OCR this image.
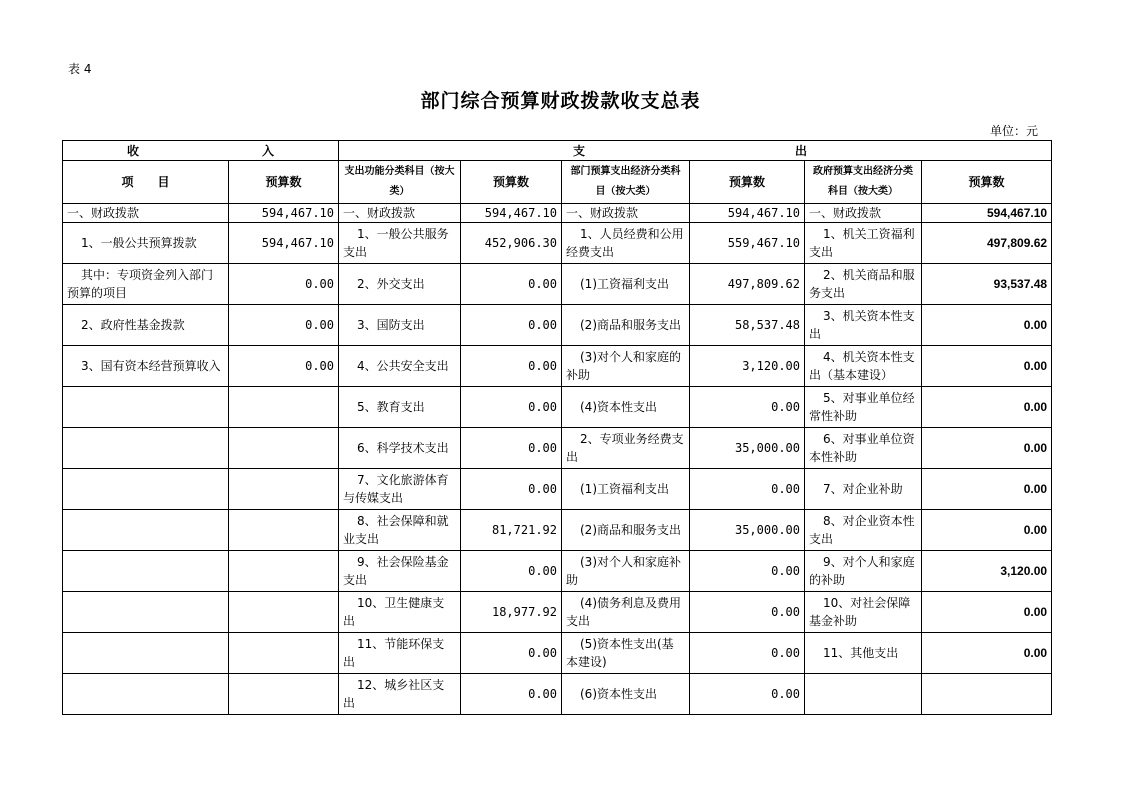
表 4
部门综合预算财政拨款收支总表
单位：元
收 入		支 出					

项　　目	预算数	支出功能分类科目（按大类）	预算数	部门预算支出经济分类科目（按大类）	预算数	政府预算支出经济分类科目（按大类）	预算数
一、财政拨款	594,467.10	一、财政拨款	594,467.10	一、财政拨款	594,467.10	一、财政拨款	594,467.10
1、一般公共预算拨款	594,467.10	1、一般公共服务支出	452,906.30	1、人员经费和公用经费支出	559,467.10	1、机关工资福利支出	497,809.62
其中：专项资金列入部门预算的项目	0.00	2、外交支出	0.00	(1)工资福利支出	497,809.62	2、机关商品和服务支出	93,537.48
2、政府性基金拨款	0.00	3、国防支出	0.00	(2)商品和服务支出	58,537.48	3、机关资本性支出	0.00
3、国有资本经营预算收入	0.00	4、公共安全支出	0.00	(3)对个人和家庭的补助	3,120.00	4、机关资本性支出（基本建设）	0.00
		5、教育支出	0.00	(4)资本性支出	0.00	5、对事业单位经常性补助	0.00
		6、科学技术支出	0.00	2、专项业务经费支出	35,000.00	6、对事业单位资本性补助	0.00
		7、文化旅游体育与传媒支出	0.00	(1)工资福利支出	0.00	7、对企业补助	0.00
		8、社会保障和就业支出	81,721.92	(2)商品和服务支出	35,000.00	8、对企业资本性支出	0.00
		9、社会保险基金支出	0.00	(3)对个人和家庭补助	0.00	9、对个人和家庭的补助	3,120.00
		10、卫生健康支出	18,977.92	(4)债务利息及费用支出	0.00	10、对社会保障基金补助	0.00
		11、节能环保支出	0.00	(5)资本性支出(基本建设)	0.00	11、其他支出	0.00
		12、城乡社区支出	0.00	(6)资本性支出	0.00		
